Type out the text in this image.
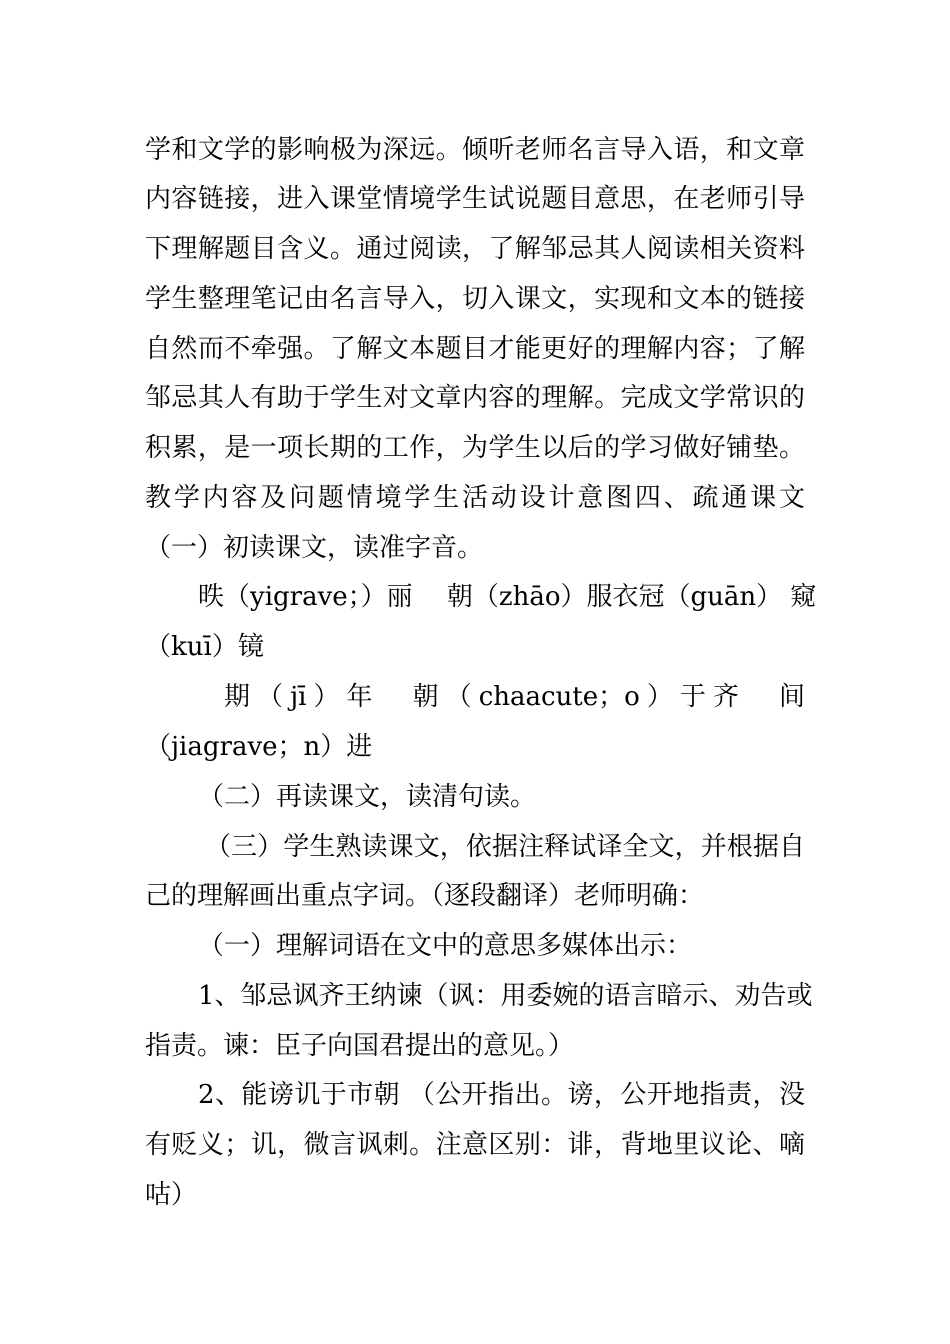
学和文学的影响极为深远。倾听老师名言导入语，和文章
内容链接，进入课堂情境学生试说题目意思，在老师引导
下理解题目含义。通过阅读，了解邹忌其人阅读相关资料
学生整理笔记由名言导入，切入课文，实现和文本的链接
自然而不牵强。了解文本题目才能更好的理解内容；了解
邹忌其人有助于学生对文章内容的理解。完成文学常识的
积累，是一项长期的工作，为学生以后的学习做好铺垫。
教学内容及问题情境学生活动设计意图四、疏通课文
（一）初读课文，读准字音。
昳（yigrave；）丽　 朝（zhāo）服衣冠（guān） 窥
（kuī）镜
期（jī）年　朝（chaacute；o）于齐　间
（jiagrave；n）进
（二）再读课文，读清句读。
（三）学生熟读课文，依据注释试译全文，并根据自
己的理解画出重点字词。（逐段翻译）老师明确：
（一）理解词语在文中的意思多媒体出示：
1、邹忌讽齐王纳谏（讽：用委婉的语言暗示、劝告或
指责。谏：臣子向国君提出的意见。）
2、能谤讥于市朝 （公开指出。谤，公开地指责，没
有贬义；讥，微言讽刺。注意区别：诽，背地里议论、嘀
咕）
